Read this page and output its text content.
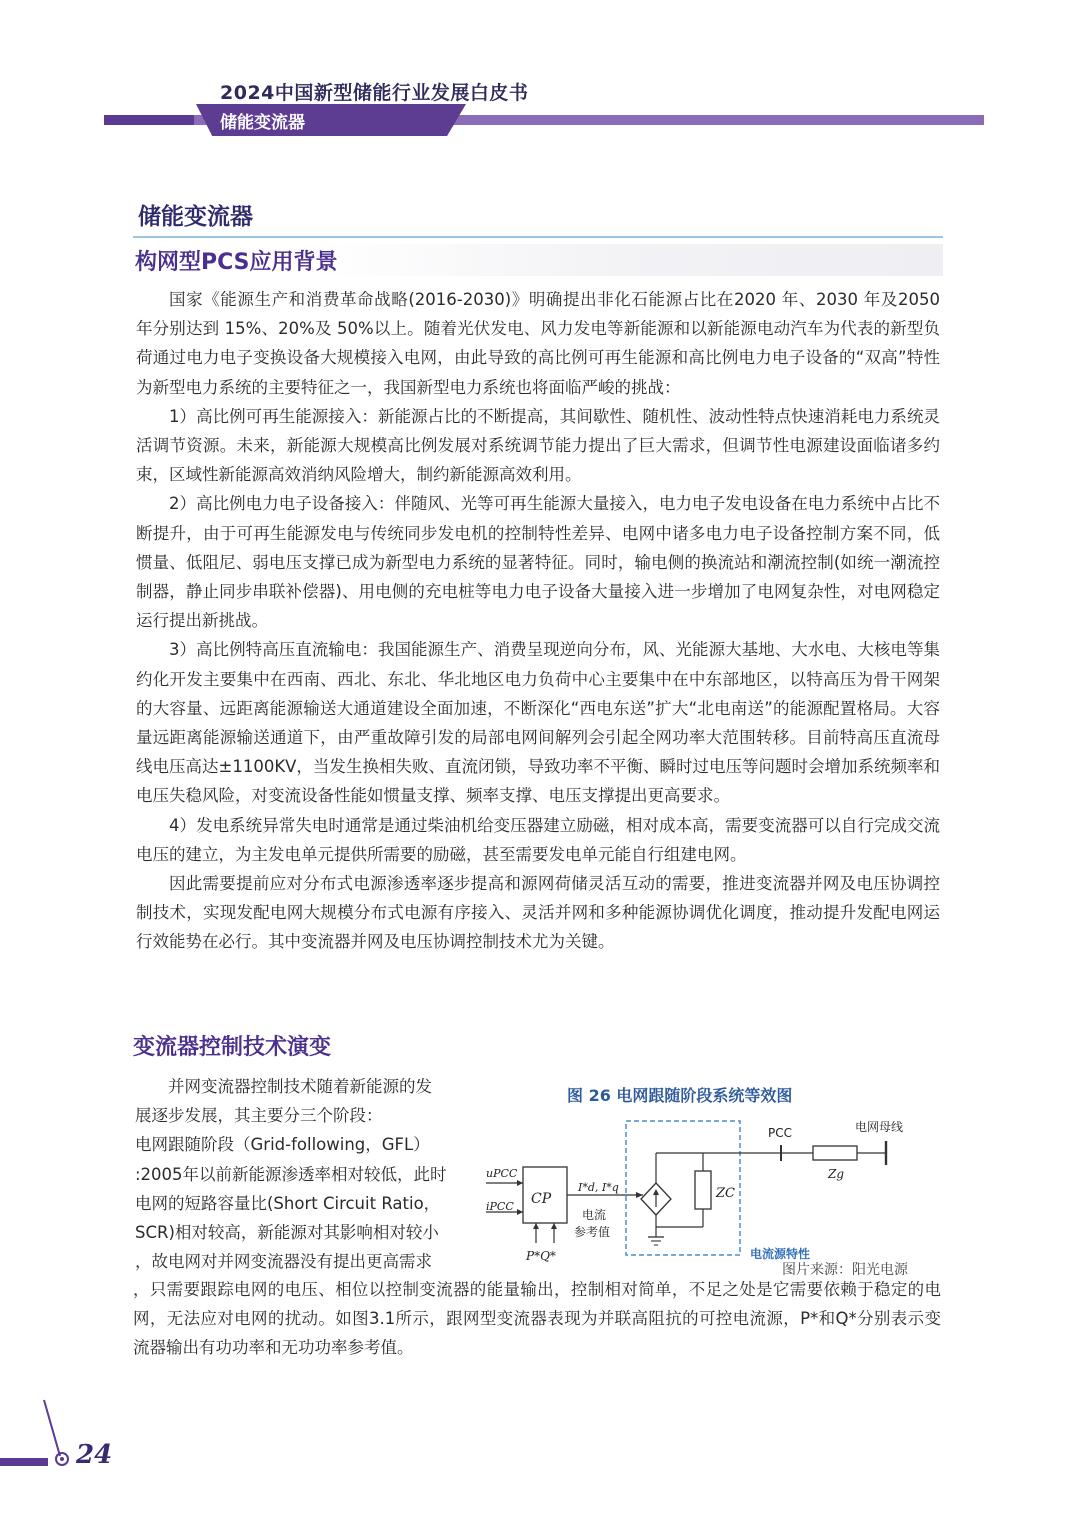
2024中国新型储能行业发展白皮书
储能变流器
储能变流器
构网型PCS应用背景

国家《能源生产和消费革命战略(2016-2030)》明确提出非化石能源占比在2020 年、2030 年及2050 年分别达到 15%、20%及 50%以上。随着光伏发电、风力发电等新能源和以新能源电动汽车为代表的新型负荷通过电力电子变换设备大规模接入电网，由此导致的高比例可再生能源和高比例电力电子设备的“双高”特性为新型电力系统的主要特征之一，我国新型电力系统也将面临严峻的挑战：

1）高比例可再生能源接入：新能源占比的不断提高，其间歇性、随机性、波动性特点快速消耗电力系统灵活调节资源。未来，新能源大规模高比例发展对系统调节能力提出了巨大需求，但调节性电源建设面临诸多约束，区域性新能源高效消纳风险增大，制约新能源高效利用。

2）高比例电力电子设备接入：伴随风、光等可再生能源大量接入，电力电子发电设备在电力系统中占比不断提升，由于可再生能源发电与传统同步发电机的控制特性差异、电网中诸多电力电子设备控制方案不同，低惯量、低阻尼、弱电压支撑已成为新型电力系统的显著特征。同时，输电侧的换流站和潮流控制(如统一潮流控制器，静止同步串联补偿器)、用电侧的充电桩等电力电子设备大量接入进一步增加了电网复杂性，对电网稳定运行提出新挑战。

3）高比例特高压直流输电：我国能源生产、消费呈现逆向分布，风、光能源大基地、大水电、大核电等集约化开发主要集中在西南、西北、东北、华北地区电力负荷中心主要集中在中东部地区，以特高压为骨干网架的大容量、远距离能源输送大通道建设全面加速，不断深化“西电东送”扩大“北电南送”的能源配置格局。大容量远距离能源输送通道下，由严重故障引发的局部电网间解列会引起全网功率大范围转移。目前特高压直流母线电压高达±1100KV，当发生换相失败、直流闭锁，导致功率不平衡、瞬时过电压等问题时会增加系统频率和电压失稳风险，对变流设备性能如惯量支撑、频率支撑、电压支撑提出更高要求。

4）发电系统异常失电时通常是通过柴油机给变压器建立励磁，相对成本高，需要变流器可以自行完成交流电压的建立，为主发电单元提供所需要的励磁，甚至需要发电单元能自行组建电网。

因此需要提前应对分布式电源渗透率逐步提高和源网荷储灵活互动的需要，推进变流器并网及电压协调控制技术，实现发配电网大规模分布式电源有序接入、灵活并网和多种能源协调优化调度，推动提升发配电网运行效能势在必行。其中变流器并网及电压协调控制技术尤为关键。

变流器控制技术演变
　　并网变流器控制技术随着新能源的发
展逐步发展，其主要分三个阶段：
电网跟随阶段（Grid-following，GFL）
:2005年以前新能源渗透率相对较低，此时
电网的短路容量比(Short Circuit Ratio，
SCR)相对较高，新能源对其影响相对较小
，故电网对并网变流器没有提出更高需求
，只需要跟踪电网的电压、相位以控制变流器的能量输出，控制相对简单，不足之处是它需要依赖于稳定的电网，无法应对电网的扰动。如图3.1所示，跟网型变流器表现为并联高阻抗的可控电流源，P*和Q*分别表示变流器输出有功功率和无功功率参考值。
图 26 电网跟随阶段系统等效图
CP
uPCC
iPCC
P*Q*
I*d, I*q
电流
参考值
ZC
PCC
Zg
电网母线
电流源特性
图片来源：阳光电源
24
